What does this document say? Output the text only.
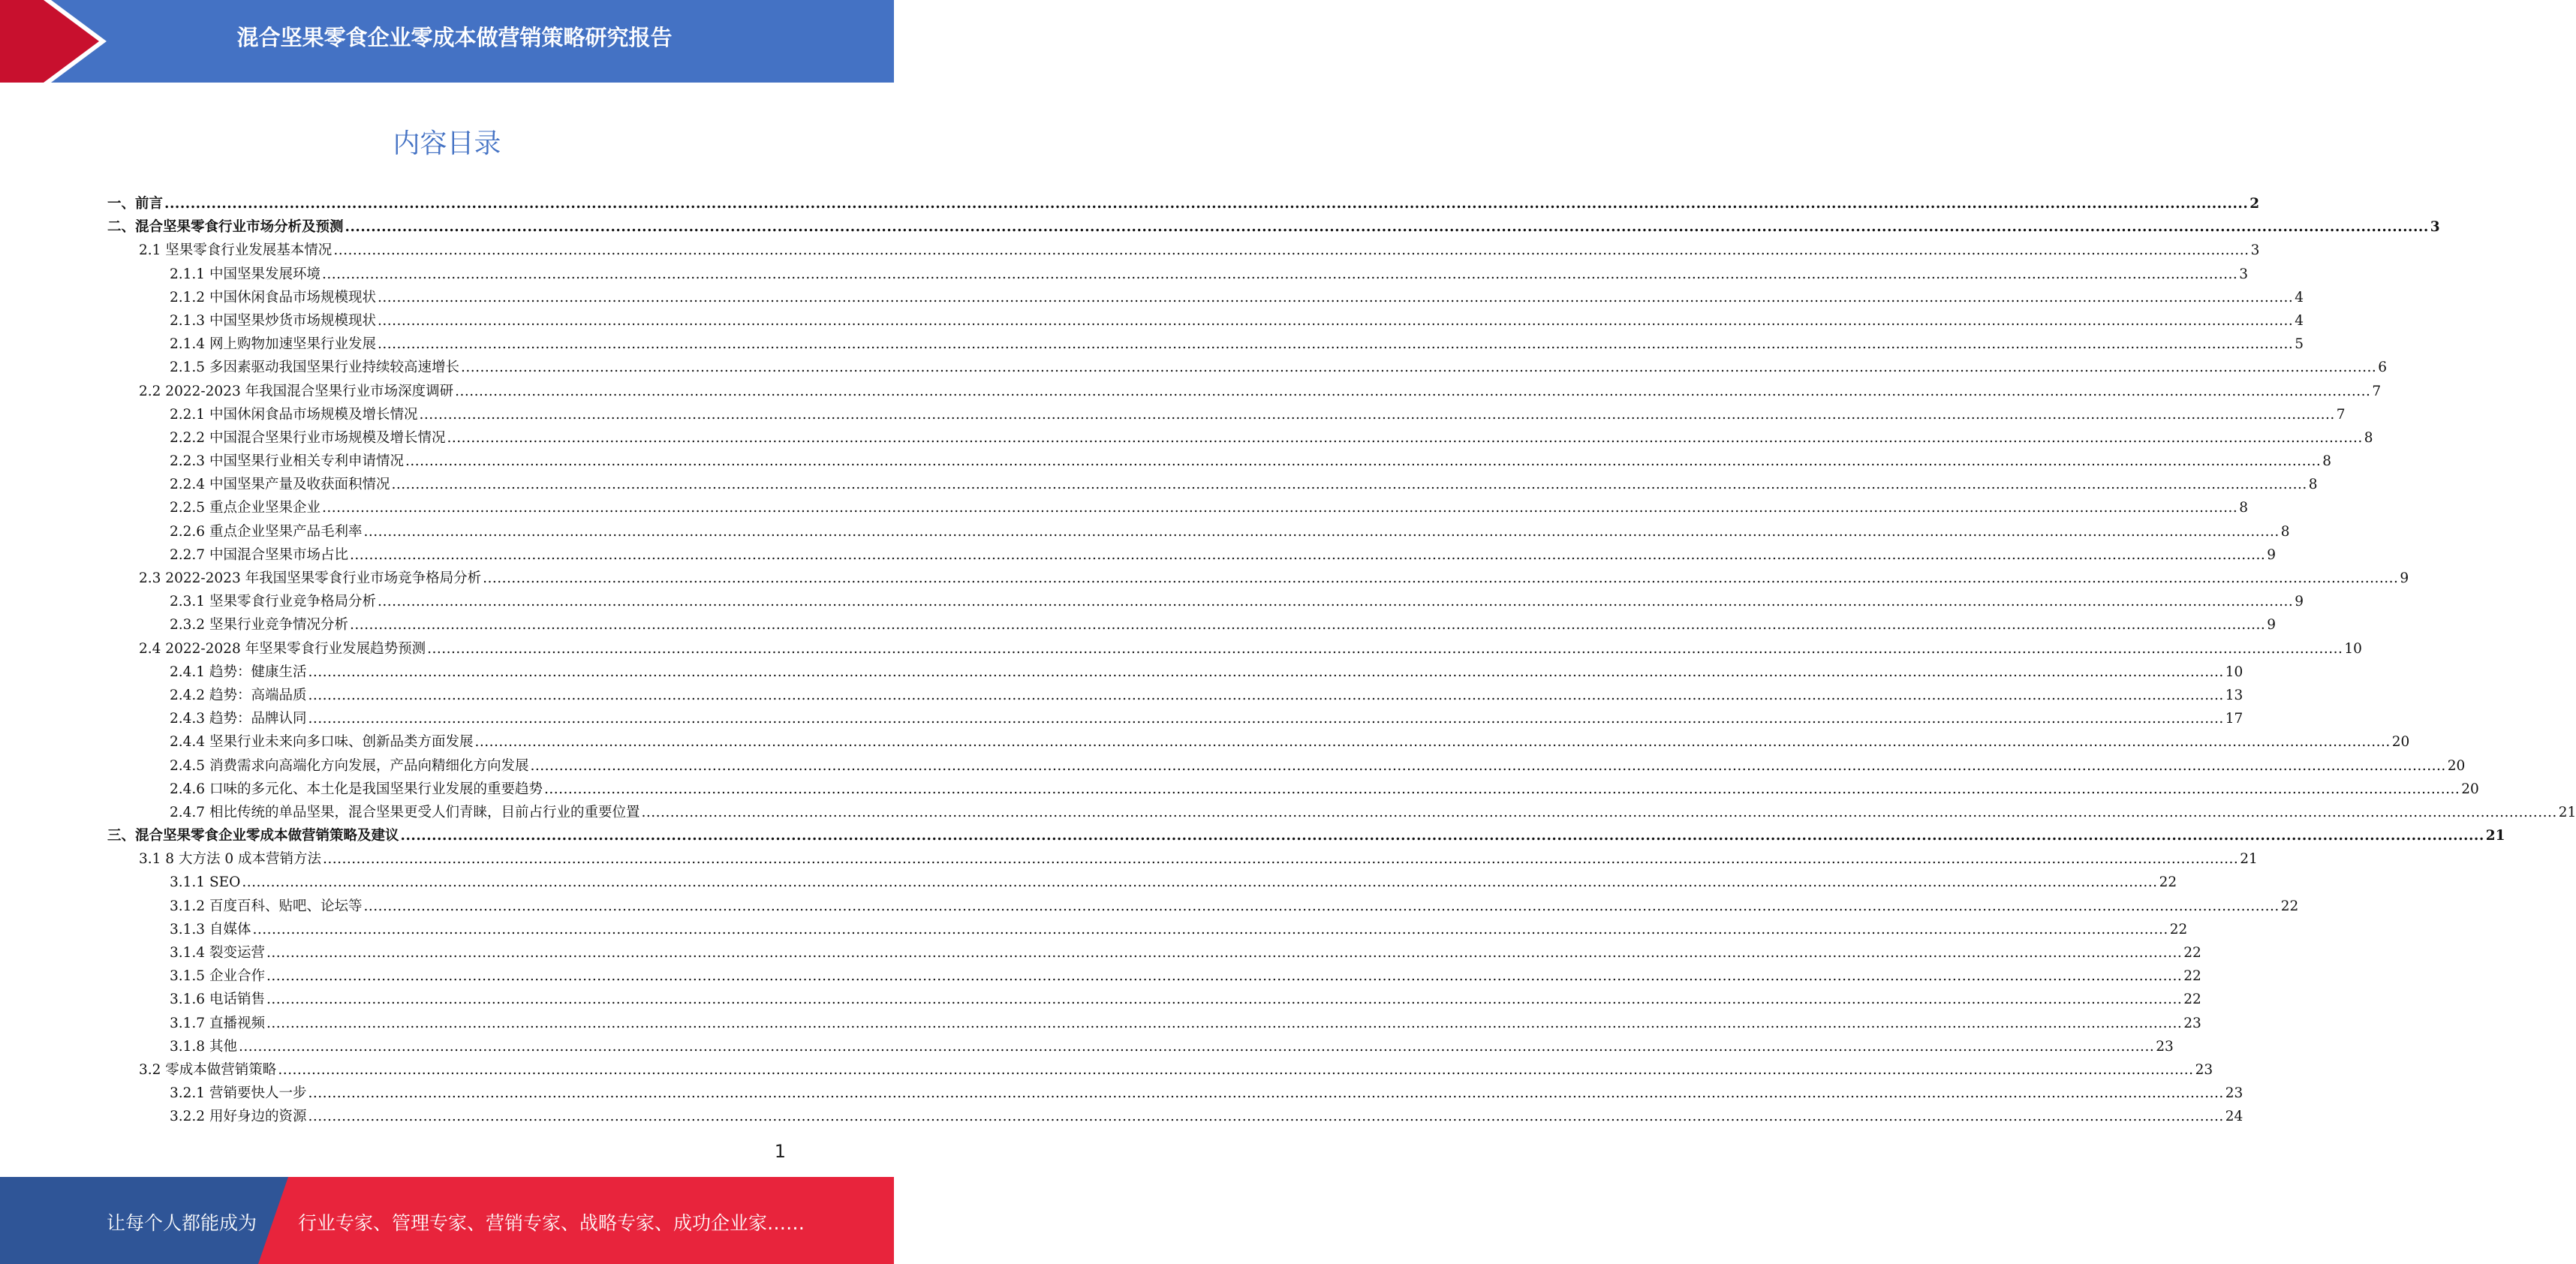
混合坚果零食企业零成本做营销策略研究报告
内容目录
一、前言 ................................................................................................................................................................................................................................................................................................................................................................................................................ 2
二、混合坚果零食行业市场分析及预测 ................................................................................................................................................................................................................................................................................................................................................................................................................ 3
2.1 坚果零食行业发展基本情况 ................................................................................................................................................................................................................................................................................................................................................................................................................ 3
2.1.1 中国坚果发展环境 ................................................................................................................................................................................................................................................................................................................................................................................................................ 3
2.1.2 中国休闲食品市场规模现状 ................................................................................................................................................................................................................................................................................................................................................................................................................ 4
2.1.3 中国坚果炒货市场规模现状 ................................................................................................................................................................................................................................................................................................................................................................................................................ 4
2.1.4 网上购物加速坚果行业发展 ................................................................................................................................................................................................................................................................................................................................................................................................................ 5
2.1.5 多因素驱动我国坚果行业持续较高速增长 ................................................................................................................................................................................................................................................................................................................................................................................................................ 6
2.2 2022-2023 年我国混合坚果行业市场深度调研 ................................................................................................................................................................................................................................................................................................................................................................................................................ 7
2.2.1 中国休闲食品市场规模及增长情况 ................................................................................................................................................................................................................................................................................................................................................................................................................ 7
2.2.2 中国混合坚果行业市场规模及增长情况 ................................................................................................................................................................................................................................................................................................................................................................................................................ 8
2.2.3 中国坚果行业相关专利申请情况 ................................................................................................................................................................................................................................................................................................................................................................................................................ 8
2.2.4 中国坚果产量及收获面积情况 ................................................................................................................................................................................................................................................................................................................................................................................................................ 8
2.2.5 重点企业坚果企业 ................................................................................................................................................................................................................................................................................................................................................................................................................ 8
2.2.6 重点企业坚果产品毛利率 ................................................................................................................................................................................................................................................................................................................................................................................................................ 8
2.2.7 中国混合坚果市场占比 ................................................................................................................................................................................................................................................................................................................................................................................................................ 9
2.3 2022-2023 年我国坚果零食行业市场竞争格局分析 ................................................................................................................................................................................................................................................................................................................................................................................................................ 9
2.3.1 坚果零食行业竞争格局分析 ................................................................................................................................................................................................................................................................................................................................................................................................................ 9
2.3.2 坚果行业竞争情况分析 ................................................................................................................................................................................................................................................................................................................................................................................................................ 9
2.4 2022-2028 年坚果零食行业发展趋势预测 ................................................................................................................................................................................................................................................................................................................................................................................................................ 10
2.4.1 趋势：健康生活 ................................................................................................................................................................................................................................................................................................................................................................................................................ 10
2.4.2 趋势：高端品质 ................................................................................................................................................................................................................................................................................................................................................................................................................ 13
2.4.3 趋势：品牌认同 ................................................................................................................................................................................................................................................................................................................................................................................................................ 17
2.4.4 坚果行业未来向多口味、创新品类方面发展 ................................................................................................................................................................................................................................................................................................................................................................................................................ 20
2.4.5 消费需求向高端化方向发展，产品向精细化方向发展 ................................................................................................................................................................................................................................................................................................................................................................................................................ 20
2.4.6 口味的多元化、本土化是我国坚果行业发展的重要趋势 ................................................................................................................................................................................................................................................................................................................................................................................................................ 20
2.4.7 相比传统的单品坚果，混合坚果更受人们青睐，目前占行业的重要位置 ................................................................................................................................................................................................................................................................................................................................................................................................................ 21
三、混合坚果零食企业零成本做营销策略及建议 ................................................................................................................................................................................................................................................................................................................................................................................................................ 21
3.1 8 大方法 0 成本营销方法 ................................................................................................................................................................................................................................................................................................................................................................................................................ 21
3.1.1 SEO ................................................................................................................................................................................................................................................................................................................................................................................................................ 22
3.1.2 百度百科、贴吧、论坛等 ................................................................................................................................................................................................................................................................................................................................................................................................................ 22
3.1.3 自媒体 ................................................................................................................................................................................................................................................................................................................................................................................................................ 22
3.1.4 裂变运营 ................................................................................................................................................................................................................................................................................................................................................................................................................ 22
3.1.5 企业合作 ................................................................................................................................................................................................................................................................................................................................................................................................................ 22
3.1.6 电话销售 ................................................................................................................................................................................................................................................................................................................................................................................................................ 22
3.1.7 直播视频 ................................................................................................................................................................................................................................................................................................................................................................................................................ 23
3.1.8 其他 ................................................................................................................................................................................................................................................................................................................................................................................................................ 23
3.2 零成本做营销策略 ................................................................................................................................................................................................................................................................................................................................................................................................................ 23
3.2.1 营销要快人一步 ................................................................................................................................................................................................................................................................................................................................................................................................................ 23
3.2.2 用好身边的资源 ................................................................................................................................................................................................................................................................................................................................................................................................................ 24
1
让每个人都能成为 行业专家、管理专家、营销专家、战略专家、成功企业家……
